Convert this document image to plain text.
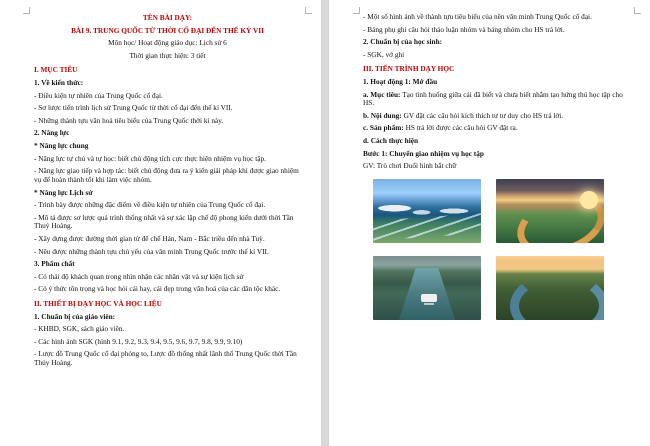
TÊN BÀI DẠY:
BÀI 9. TRUNG QUỐC TỪ THỜI CỔ ĐẠI ĐẾN THẾ KỶ VII

Môn học/ Hoạt động giáo dục: Lịch sử 6

Thời gian thực hiện: 3 tiết

I. MỤC TIÊU

1. Về kiến thức:

- Điều kiện tự nhiên của Trung Quốc cổ đại.

- Sơ lược tiến trình lịch sử Trung Quốc từ thời cổ đại đến thế kỉ VII.

- Những thành tựu văn hoá tiêu biểu của Trung Quốc thời kì này.

2. Năng lực

* Năng lực chung

- Năng lực tự chủ và tự học: biết chủ động tích cực thực hiện nhiệm vụ học tập.

- Năng lực giao tiếp và hợp tác: biết chủ động đưa ra ý kiến giải pháp khi được giao nhiệm vụ để hoàn thành tốt khi làm việc nhóm.

* Năng lực Lịch sử

- Trình bày được những đặc điểm về điều kiện tự nhiên của Trung Quốc cổ đại.

- Mô tả được sơ lược quá trình thống nhất và sự xác lập chế độ phong kiến dưới thời Tần Thuỷ Hoàng.

- Xây dựng được đường thời gian từ đế chế Hán, Nam - Bắc triều đến nhà Tuỳ.

- Nêu được những thành tựu chủ yếu của văn minh Trung Quốc trước thế kỉ VII.

3. Phẩm chất

- Có thái độ khách quan trong nhìn nhận các nhân vật và sự kiện lịch sử

- Có ý thức tôn trọng và học hỏi cái hay, cái đẹp trong văn hoá của các dân tộc khác.

II. THIẾT BỊ DẠY HỌC VÀ HỌC LIỆU

1. Chuẩn bị của giáo viên:

- KHBD, SGK, sách giáo viên.

- Các hình ảnh SGK (hình 9.1, 9.2, 9.3, 9.4, 9.5, 9.6, 9.7, 9.8, 9.9, 9.10)

- Lược đồ Trung Quốc cổ đại phóng to, Lược đồ thống nhất lãnh thổ Trung Quốc thời Tần Thủy Hoàng.

- Một số hình ảnh về thành tựu tiêu biểu của nền văn minh Trung Quốc cổ đại.

- Bảng phụ ghi câu hỏi thảo luận nhóm và bảng nhóm cho HS trả lời.

2. Chuẩn bị của học sinh:

- SGK, vở ghi

III. TIẾN TRÌNH DẠY HỌC

1. Hoạt động 1: Mở đầu

a. Mục tiêu: Tạo tình huống giữa cái đã biết và chưa biết nhằm tạo hứng thú học tập cho HS.

b. Nội dung: GV đặt các câu hỏi kích thích tư tư duy cho HS trả lời.

c. Sản phẩm: HS trả lời được các câu hỏi GV đặt ra.

d. Cách thực hiện

Bước 1: Chuyển giao nhiệm vụ học tập

GV: Trò chơi Đuổi hình bắt chữ
